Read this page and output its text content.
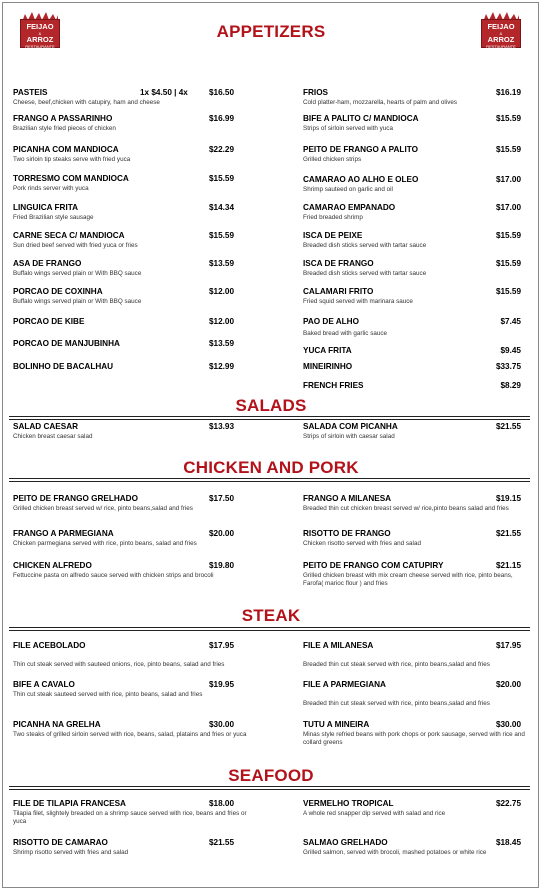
FEIJAO
&
ARROZ
RESTAURANTE
FEIJAO
&
ARROZ
RESTAURANTE
APPETIZERS
SALADS
CHICKEN AND PORK
STEAK
SEAFOOD
PASTEIS	1x $4.50 | 4x	$16.50
Cheese, beef,chicken with catupiry, ham and cheese
FRANGO A PASSARINHO	$16.99
Brazilian style fried pieces of chicken
PICANHA COM MANDIOCA	$22.29
Two sirloin tip steaks serve with fried yuca
TORRESMO COM MANDIOCA	$15.59
Pork rinds server with yuca
LINGUICA FRITA	$14.34
Fried Brazilian style sausage
CARNE SECA C/ MANDIOCA	$15.59
Sun dried beef served with fried yuca or fries
ASA DE FRANGO	$13.59
Buffalo wings served plain or With BBQ sauce
PORCAO DE COXINHA	$12.00
Buffalo wings served plain or With BBQ sauce
PORCAO DE KIBE	$12.00
PORCAO DE MANJUBINHA	$13.59
BOLINHO DE BACALHAU	$12.99
FRIOS	$16.19
Cold platter-ham, mozzarella, hearts of palm and olives
BIFE A PALITO C/ MANDIOCA	$15.59
Strips of sirloin served with yuca
PEITO DE FRANGO A PALITO	$15.59
Grilled chicken strips
CAMARAO AO ALHO E OLEO	$17.00
Shrimp sauteed on garlic and oil
CAMARAO EMPANADO	$17.00
Fried breaded shrimp
ISCA DE PEIXE	$15.59
Breaded dish sticks served with tartar sauce
ISCA DE FRANGO	$15.59
Breaded dish sticks served with tartar sauce
CALAMARI FRITO	$15.59
Fried squid served with marinara sauce
PAO DE ALHO	$7.45
Baked bread with garlic sauce
YUCA FRITA	$9.45
MINEIRINHO	$33.75
FRENCH FRIES	$8.29
SALAD CAESAR	$13.93
Chicken breast caesar salad
SALADA COM PICANHA	$21.55
Strips of sirloin with caesar salad
PEITO DE FRANGO GRELHADO	$17.50
Grilled chicken breast served w/ rice, pinto beans,salad and fries
FRANGO A PARMEGIANA	$20.00
Chicken parmegiana served with rice, pinto beans, salad and fries
CHICKEN ALFREDO	$19.80
Fettuccine pasta on alfredo sauce served with chicken strips and brocoli
FRANGO A MILANESA	$19.15
Breaded thin cut chicken breast served w/ rice,pinto beans salad and fries
RISOTTO DE FRANGO	$21.55
Chicken risotto served with fries and salad
PEITO DE FRANGO COM CATUPIRY	$21.15
Grilled chicken breast with mix cream cheese served with rice, pinto beans, Farofa( marioc flour ) and fries
FILE ACEBOLADO	$17.95
Thin cut steak served with sauteed onions, rice, pinto beans, salad and fries
BIFE A CAVALO	$19.95
Thin cut steak sauteed served with rice, pinto beans, salad and fries
PICANHA NA GRELHA	$30.00
Two steaks of grilled sirloin served with rice, beans, salad, platains and fries or yuca
FILE A MILANESA	$17.95
Breaded thin cut steak served with rice, pinto beans,salad and fries
FILE A PARMEGIANA	$20.00
Breaded thin cut steak served with rice, pinto beans,salad and fries
TUTU A MINEIRA	$30.00
Minas style refried beans with pork chops or pork sausage, served with rice and collard greens
FILE DE TILAPIA FRANCESA	$18.00
Tilapia filet, slightely breaded on a shrimp sauce served with rice, beans and fries or yuca
RISOTTO DE CAMARAO	$21.55
Shrimp risotto served with fries and salad
VERMELHO TROPICAL	$22.75
A whole red snapper dip served with salad and rice
SALMAO GRELHADO	$18.45
Grilled salmon, served with brocoli, mashed potatoes or white rice
